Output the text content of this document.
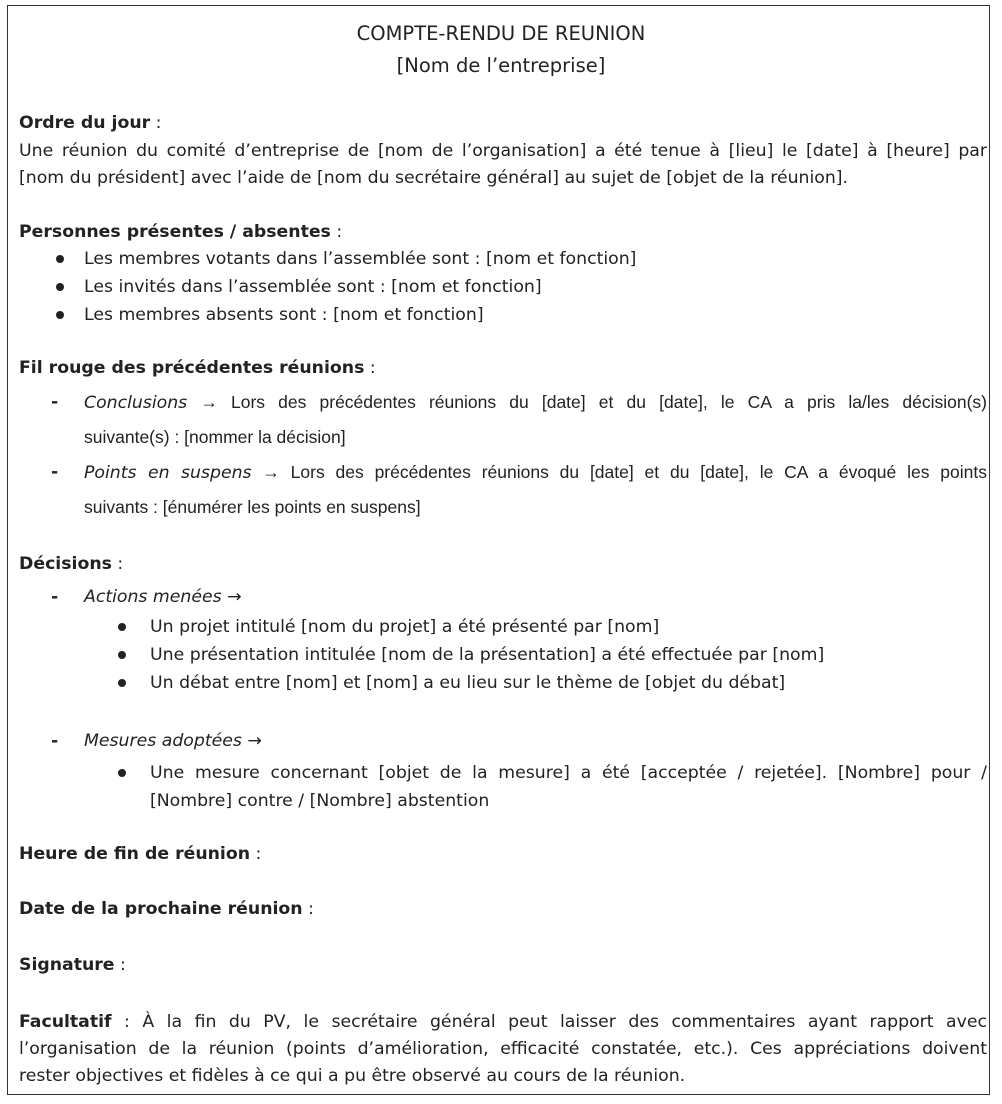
COMPTE-RENDU DE REUNION
[Nom de l’entreprise]
Ordre du jour :
Une réunion du comité d’entreprise de [nom de l’organisation] a été tenue à [lieu] le [date] à [heure] par
[nom du président] avec l’aide de [nom du secrétaire général] au sujet de [objet de la réunion].
Personnes présentes / absentes :
Les membres votants dans l’assemblée sont : [nom et fonction]
Les invités dans l’assemblée sont : [nom et fonction]
Les membres absents sont : [nom et fonction]
Fil rouge des précédentes réunions :
- Conclusions → Lors des précédentes réunions du [date] et du [date], le CA a pris la/les décision(s)
suivante(s) : [nommer la décision]
- Points en suspens → Lors des précédentes réunions du [date] et du [date], le CA a évoqué les points
suivants : [énumérer les points en suspens]
Décisions :
- Actions menées →
Un projet intitulé [nom du projet] a été présenté par [nom]
Une présentation intitulée [nom de la présentation] a été effectuée par [nom]
Un débat entre [nom] et [nom] a eu lieu sur le thème de [objet du débat]
- Mesures adoptées →
Une mesure concernant [objet de la mesure] a été [acceptée / rejetée]. [Nombre] pour /
[Nombre] contre / [Nombre] abstention
Heure de fin de réunion :
Date de la prochaine réunion :
Signature :
Facultatif : À la fin du PV, le secrétaire général peut laisser des commentaires ayant rapport avec
l’organisation de la réunion (points d’amélioration, efficacité constatée, etc.). Ces appréciations doivent
rester objectives et fidèles à ce qui a pu être observé au cours de la réunion.
